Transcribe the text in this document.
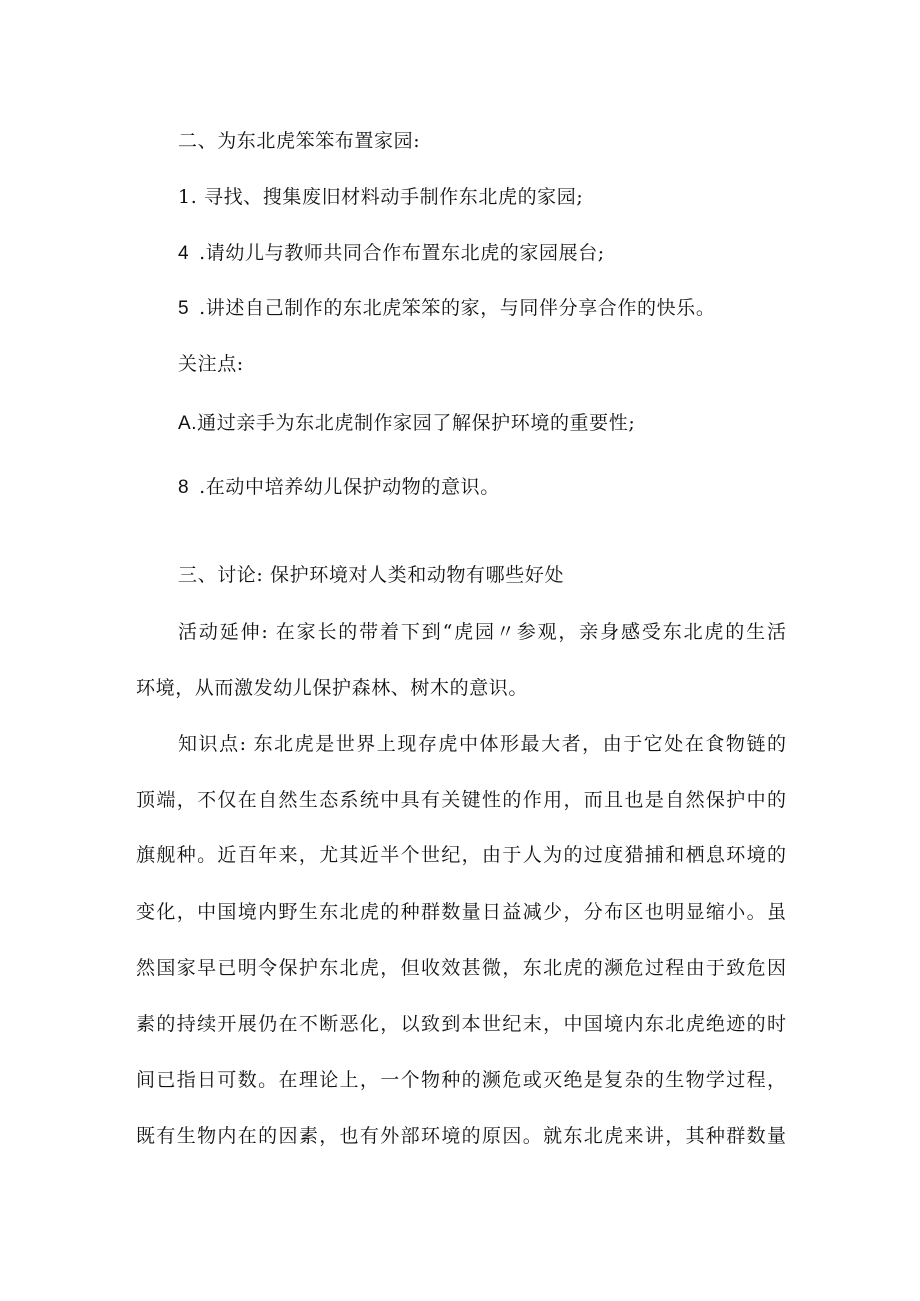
二、为东北虎笨笨布置家园:
1. 寻找、搜集废旧材料动手制作东北虎的家园;
4 .请幼儿与教师共同合作布置东北虎的家园展台;
5 .讲述自己制作的东北虎笨笨的家，与同伴分享合作的快乐。
关注点:
A.通过亲手为东北虎制作家园了解保护环境的重要性;
8 .在动中培养幼儿保护动物的意识。
三、讨论: 保护环境对人类和动物有哪些好处
活动延伸: 在家长的带着下到“虎园〃参观，亲身感受东北虎的生活
环境，从而激发幼儿保护森林、树木的意识。
知识点: 东北虎是世界上现存虎中体形最大者，由于它处在食物链的
顶端，不仅在自然生态系统中具有关键性的作用，而且也是自然保护中的
旗舰种。近百年来，尤其近半个世纪，由于人为的过度猎捕和栖息环境的
变化，中国境内野生东北虎的种群数量日益减少，分布区也明显缩小。虽
然国家早已明令保护东北虎，但收效甚微，东北虎的濒危过程由于致危因
素的持续开展仍在不断恶化，以致到本世纪末，中国境内东北虎绝迹的时
间已指日可数。在理论上，一个物种的濒危或灭绝是复杂的生物学过程，
既有生物内在的因素，也有外部环境的原因。就东北虎来讲，其种群数量
